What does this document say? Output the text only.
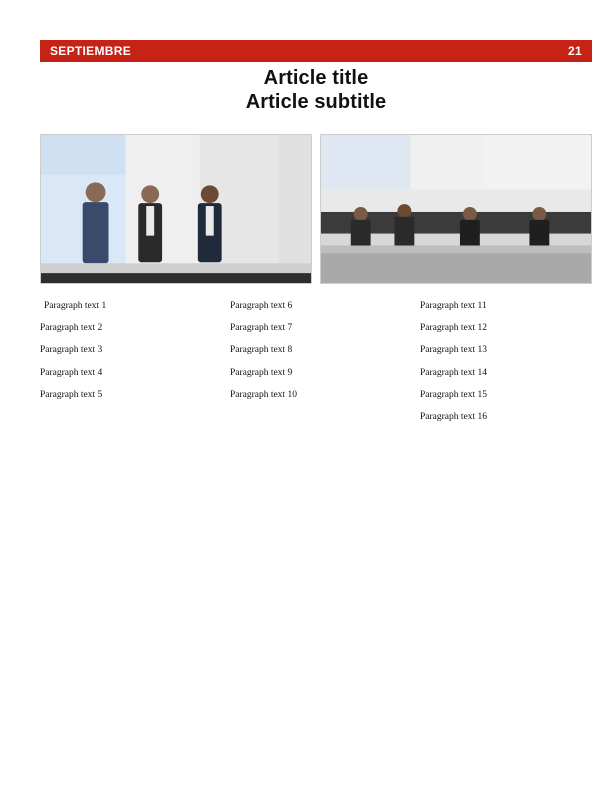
SEPTIEMBRE	21

Article title

Article subtitle

Paragraph text 1

Paragraph text 2

Paragraph text 3

Paragraph text 4

Paragraph text 5

Paragraph text 6

Paragraph text 7

Paragraph text 8

Paragraph text 9

Paragraph text 10

Paragraph text 11

Paragraph text 12

Paragraph text 13

Paragraph text 14

Paragraph text 15

Paragraph text 16
